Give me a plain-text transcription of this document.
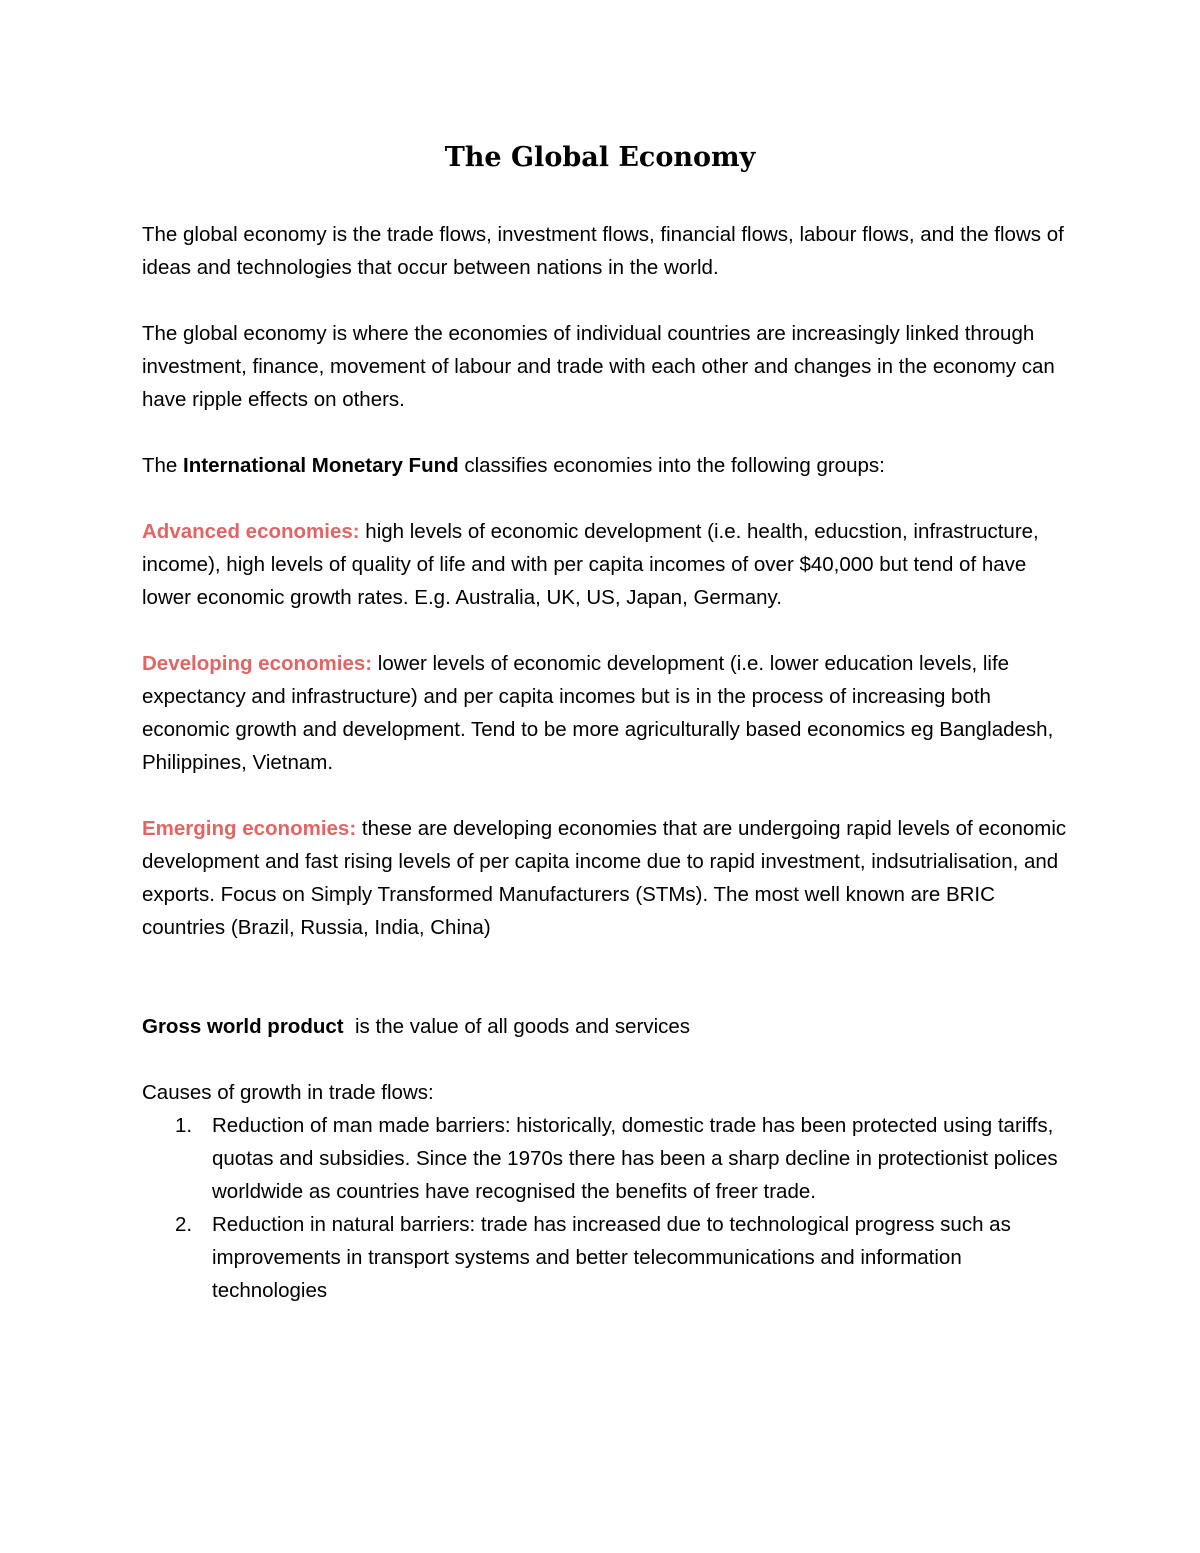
The Global Economy

The global economy is the trade flows, investment flows, financial flows, labour flows, and the flows of ideas and technologies that occur between nations in the world.

The global economy is where the economies of individual countries are increasingly linked through investment, finance, movement of labour and trade with each other and changes in the economy can have ripple effects on others.

The International Monetary Fund classifies economies into the following groups:

Advanced economies: high levels of economic development (i.e. health, educstion, infrastructure, income), high levels of quality of life and with per capita incomes of over $40,000 but tend of have lower economic growth rates. E.g. Australia, UK, US, Japan, Germany.

Developing economies: lower levels of economic development (i.e. lower education levels, life expectancy and infrastructure) and per capita incomes but is in the process of increasing both economic growth and development. Tend to be more agriculturally based economics eg Bangladesh, Philippines, Vietnam.

Emerging economies: these are developing economies that are undergoing rapid levels of economic development and fast rising levels of per capita income due to rapid investment, indsutrialisation, and exports. Focus on Simply Transformed Manufacturers (STMs). The most well known are BRIC countries (Brazil, Russia, India, China)

Gross world product  is the value of all goods and services

Causes of growth in trade flows:

1. Reduction of man made barriers: historically, domestic trade has been protected using tariffs, quotas and subsidies. Since the 1970s there has been a sharp decline in protectionist polices worldwide as countries have recognised the benefits of freer trade.
2. Reduction in natural barriers: trade has increased due to technological progress such as improvements in transport systems and better telecommunications and information technologies
